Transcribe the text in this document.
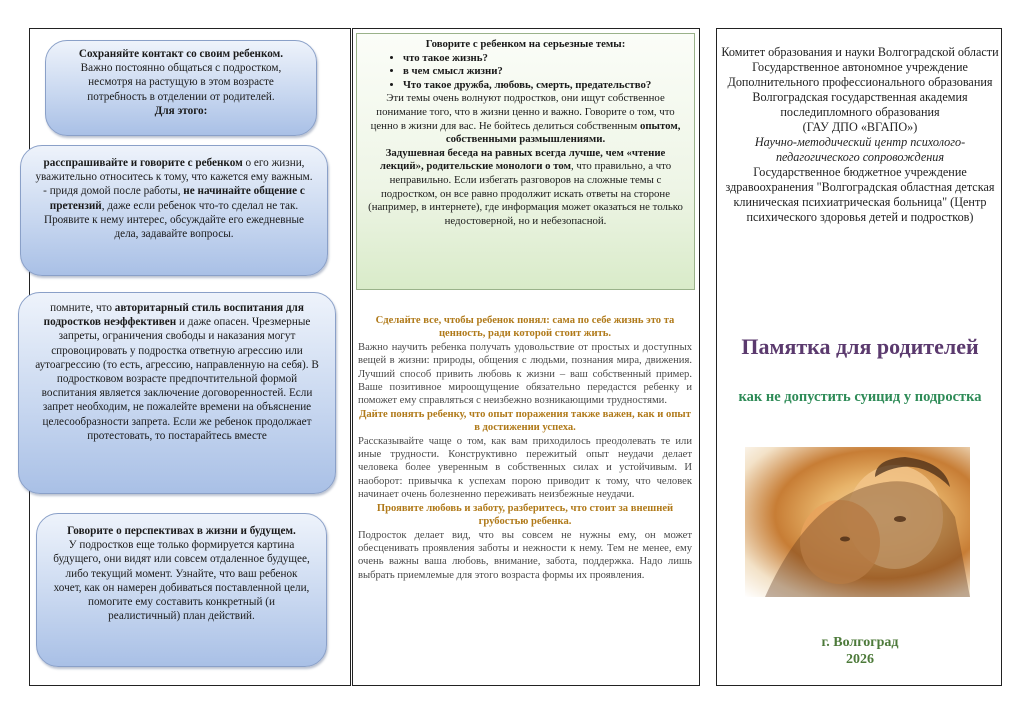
Сохраняйте контакт со своим ребенком.

Важно постоянно общаться с подростком, несмотря на растущую в этом возрасте потребность в отделении от родителей.

Для этого:

расспрашивайте и говорите с ребенком о его жизни, уважительно относитесь к тому, что кажется ему важным.

- придя домой после работы, не начинайте общение с претензий, даже если ребенок что-то сделал не так.

Проявите к нему интерес, обсуждайте его ежедневные дела, задавайте вопросы.

помните, что авторитарный стиль воспитания для подростков неэффективен и даже опасен. Чрезмерные запреты, ограничения свободы и наказания могут спровоцировать у подростка ответную агрессию или аутоагрессию (то есть, агрессию, направленную на себя). В подростковом возрасте предпочтительной формой воспитания является заключение договоренностей. Если запрет необходим, не пожалейте времени на объяснение целесообразности запрета. Если же ребенок продолжает протестовать, то постарайтесь вместе

Говорите о перспективах в жизни и будущем.

У подростков еще только формируется картина будущего, они видят или совсем отдаленное будущее, либо текущий момент. Узнайте, что ваш ребенок хочет, как он намерен добиваться поставленной цели, помогите ему составить конкретный (и реалистичный) план действий.

Говорите с ребенком на серьезные темы:

• что такое жизнь?
• в чем смысл жизни?
• Что такое дружба, любовь, смерть, предательство?

Эти темы очень волнуют подростков, они ищут собственное понимание того, что в жизни ценно и важно. Говорите о том, что ценно в жизни для вас. Не бойтесь делиться собственным опытом, собственными размышлениями.

Задушевная беседа на равных всегда лучше, чем «чтение лекций», родительские монологи о том, что правильно, а что неправильно. Если избегать разговоров на сложные темы с подростком, он все равно продолжит искать ответы на стороне (например, в интернете), где информация может оказаться не только недостоверной, но и небезопасной.

Сделайте все, чтобы ребенок понял: сама по себе жизнь это та ценность, ради которой стоит жить.

Важно научить ребенка получать удовольствие от простых и доступных вещей в жизни: природы, общения с людьми, познания мира, движения. Лучший способ привить любовь к жизни – ваш собственный пример. Ваше позитивное мироощущение обязательно передастся ребенку и поможет ему справляться с неизбежно возникающими трудностями.

Дайте понять ребенку, что опыт поражения также важен, как и опыт в достижении успеха.

Рассказывайте чаще о том, как вам приходилось преодолевать те или иные трудности. Конструктивно пережитый опыт неудачи делает человека более уверенным в собственных силах и устойчивым. И наоборот: привычка к успехам порою приводит к тому, что человек начинает очень болезненно переживать неизбежные неудачи.

Проявите любовь и заботу, разберитесь, что стоит за внешней грубостью ребенка.

Подросток делает вид, что вы совсем не нужны ему, он может обесценивать проявления заботы и нежности к нему. Тем не менее, ему очень важны ваша любовь, внимание, забота, поддержка. Надо лишь выбрать приемлемые для этого возраста формы их проявления.

Комитет образования и науки Волгоградской области

Государственное автономное учреждение Дополнительного профессионального образования

Волгоградская государственная академия последипломного образования

(ГАУ ДПО «ВГАПО»)

Научно-методический центр психолого-педагогического сопровождения

Государственное бюджетное учреждение здравоохранения "Волгоградская областная детская клиническая психиатрическая больница" (Центр психического здоровья детей и подростков)

Памятка для родителей
как не допустить суицид у подростка
г. Волгоград
2026
